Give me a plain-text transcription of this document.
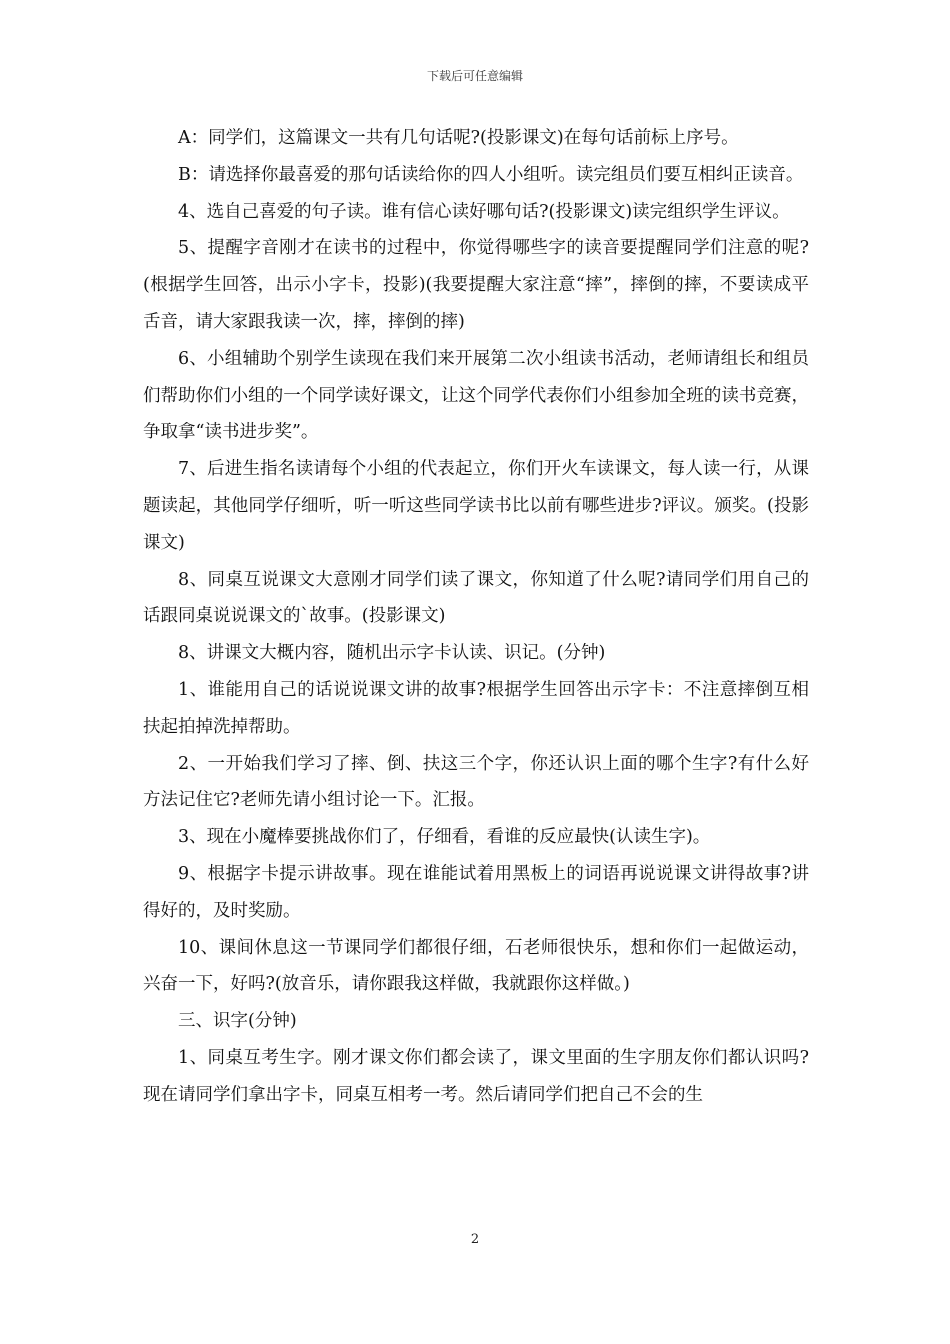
下载后可任意编辑

A：同学们，这篇课文一共有几句话呢?(投影课文)在每句话前标上序号。

B：请选择你最喜爱的那句话读给你的四人小组听。读完组员们要互相纠正读音。

4、选自己喜爱的句子读。谁有信心读好哪句话?(投影课文)读完组织学生评议。

5、提醒字音刚才在读书的过程中，你觉得哪些字的读音要提醒同学们注意的呢?(根据学生回答，出示小字卡，投影)(我要提醒大家注意“摔”，摔倒的摔，不要读成平舌音，请大家跟我读一次，摔，摔倒的摔)

6、小组辅助个别学生读现在我们来开展第二次小组读书活动，老师请组长和组员们帮助你们小组的一个同学读好课文，让这个同学代表你们小组参加全班的读书竞赛，争取拿“读书进步奖”。

7、后进生指名读请每个小组的代表起立，你们开火车读课文，每人读一行，从课题读起，其他同学仔细听，听一听这些同学读书比以前有哪些进步?评议。颁奖。(投影课文)

8、同桌互说课文大意刚才同学们读了课文，你知道了什么呢?请同学们用自己的话跟同桌说说课文的`故事。(投影课文)

8、讲课文大概内容，随机出示字卡认读、识记。(分钟)

1、谁能用自己的话说说课文讲的故事?根据学生回答出示字卡：不注意摔倒互相扶起拍掉洗掉帮助。

2、一开始我们学习了摔、倒、扶这三个字，你还认识上面的哪个生字?有什么好方法记住它?老师先请小组讨论一下。汇报。

3、现在小魔棒要挑战你们了，仔细看，看谁的反应最快(认读生字)。

9、根据字卡提示讲故事。现在谁能试着用黑板上的词语再说说课文讲得故事?讲得好的，及时奖励。

10、课间休息这一节课同学们都很仔细，石老师很快乐，想和你们一起做运动，兴奋一下，好吗?(放音乐，请你跟我这样做，我就跟你这样做。)

三、识字(分钟)

1、同桌互考生字。刚才课文你们都会读了，课文里面的生字朋友你们都认识吗?现在请同学们拿出字卡，同桌互相考一考。然后请同学们把自己不会的生

2
